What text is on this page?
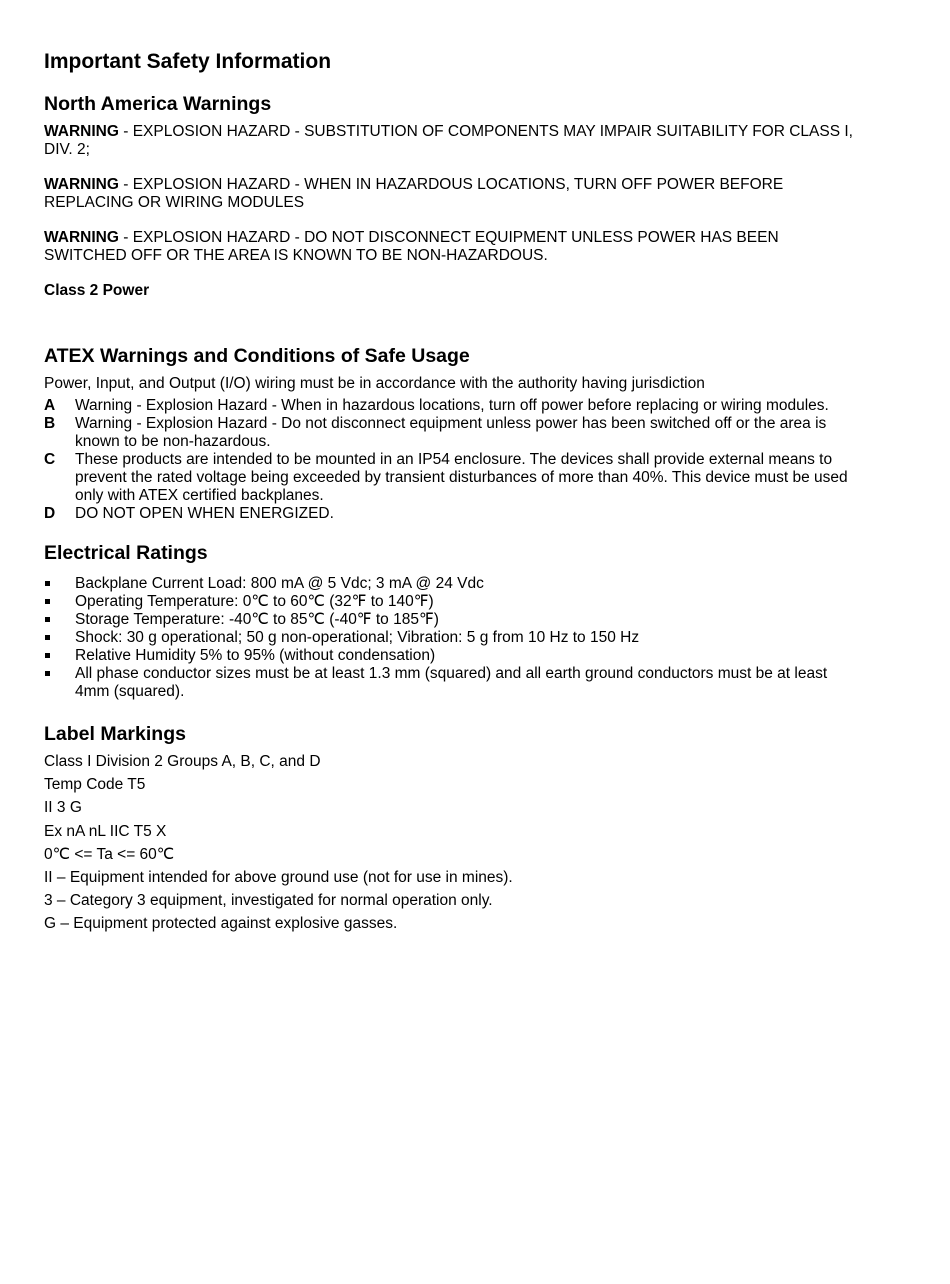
Important Safety Information
North America Warnings

WARNING - EXPLOSION HAZARD - SUBSTITUTION OF COMPONENTS MAY IMPAIR SUITABILITY FOR CLASS I, DIV. 2;

WARNING - EXPLOSION HAZARD - WHEN IN HAZARDOUS LOCATIONS, TURN OFF POWER BEFORE REPLACING OR WIRING MODULES

WARNING - EXPLOSION HAZARD - DO NOT DISCONNECT EQUIPMENT UNLESS POWER HAS BEEN SWITCHED OFF OR THE AREA IS KNOWN TO BE NON-HAZARDOUS.

Class 2 Power

ATEX Warnings and Conditions of Safe Usage

Power, Input, and Output (I/O) wiring must be in accordance with the authority having jurisdiction

A	Warning - Explosion Hazard - When in hazardous locations, turn off power before replacing or wiring modules.
B	Warning - Explosion Hazard - Do not disconnect equipment unless power has been switched off or the area is known to be non-hazardous.
C	These products are intended to be mounted in an IP54 enclosure. The devices shall provide external means to prevent the rated voltage being exceeded by transient disturbances of more than 40%. This device must be used only with ATEX certified backplanes.
D	DO NOT OPEN WHEN ENERGIZED.
Electrical Ratings
Backplane Current Load: 800 mA @ 5 Vdc; 3 mA @ 24 Vdc
Operating Temperature: 0℃ to 60℃ (32℉ to 140℉)
Storage Temperature: -40℃ to 85℃ (-40℉ to 185℉)
Shock: 30 g operational; 50 g non-operational; Vibration: 5 g from 10 Hz to 150 Hz
Relative Humidity 5% to 95% (without condensation)
All phase conductor sizes must be at least 1.3 mm (squared) and all earth ground conductors must be at least 4mm (squared).
Label Markings

Class I Division 2 Groups A, B, C, and D

Temp Code T5

II 3 G

Ex nA nL IIC T5 X

0℃ <= Ta <= 60℃

II – Equipment intended for above ground use (not for use in mines).

3 – Category 3 equipment, investigated for normal operation only.

G – Equipment protected against explosive gasses.
